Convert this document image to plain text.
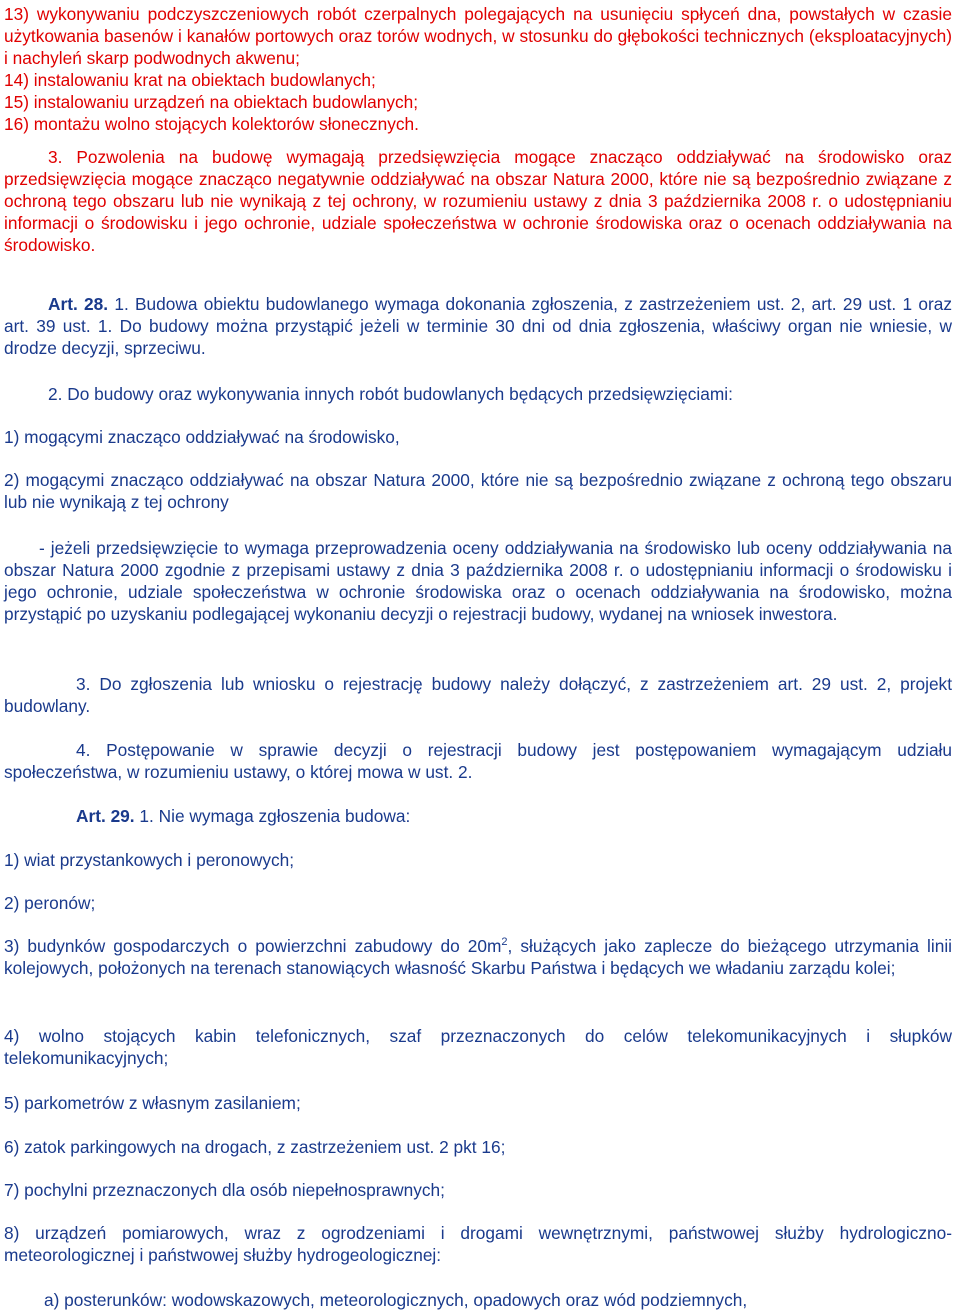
13) wykonywaniu podczyszczeniowych robót czerpalnych polegających na usunięciu spłyceń dna, powstałych w czasie użytkowania basenów i kanałów portowych oraz torów wodnych, w stosunku do głębokości technicznych (eksploatacyjnych) i nachyleń skarp podwodnych akwenu;

14) instalowaniu krat na obiektach budowlanych;

15) instalowaniu urządzeń na obiektach budowlanych;

16) montażu wolno stojących kolektorów słonecznych.

3. Pozwolenia na budowę wymagają przedsięwzięcia mogące znacząco oddziaływać na środowisko oraz przedsięwzięcia mogące znacząco negatywnie oddziaływać na obszar Natura 2000, które nie są bezpośrednio związane z ochroną tego obszaru lub nie wynikają z tej ochrony, w rozumieniu ustawy z dnia 3 października 2008 r. o udostępnianiu informacji o środowisku i jego ochronie, udziale społeczeństwa w ochronie środowiska oraz o ocenach oddziaływania na środowisko.

Art. 28. 1. Budowa obiektu budowlanego wymaga dokonania zgłoszenia, z zastrzeżeniem ust. 2, art. 29 ust. 1 oraz art. 39 ust. 1. Do budowy można przystąpić jeżeli w terminie 30 dni od dnia zgłoszenia, właściwy organ nie wniesie, w drodze decyzji, sprzeciwu.

2. Do budowy oraz wykonywania innych robót budowlanych będących przedsięwzięciami:

1) mogącymi znacząco oddziaływać na środowisko,

2) mogącymi znacząco oddziaływać na obszar Natura 2000, które nie są bezpośrednio związane z ochroną tego obszaru lub nie wynikają z tej ochrony

- jeżeli przedsięwzięcie to wymaga przeprowadzenia oceny oddziaływania na środowisko lub oceny oddziaływania na obszar Natura 2000 zgodnie z przepisami ustawy z dnia 3 października 2008 r. o udostępnianiu informacji o środowisku i jego ochronie, udziale społeczeństwa w ochronie środowiska oraz o ocenach oddziaływania na środowisko, można przystąpić po uzyskaniu podlegającej wykonaniu decyzji o rejestracji budowy, wydanej na wniosek inwestora.

3. Do zgłoszenia lub wniosku o rejestrację budowy należy dołączyć, z zastrzeżeniem art. 29 ust. 2, projekt budowlany.

4. Postępowanie w sprawie decyzji o rejestracji budowy jest postępowaniem wymagającym udziału społeczeństwa, w rozumieniu ustawy, o której mowa w ust. 2.

Art. 29. 1. Nie wymaga zgłoszenia budowa:

1) wiat przystankowych i peronowych;

2) peronów;

3) budynków gospodarczych o powierzchni zabudowy do $20m^2$, służących jako zaplecze do bieżącego utrzymania linii kolejowych, położonych na terenach stanowiących własność Skarbu Państwa i będących we władaniu zarządu kolei;

4) wolno stojących kabin telefonicznych, szaf przeznaczonych do celów telekomunikacyjnych i słupków telekomunikacyjnych;

5) parkometrów z własnym zasilaniem;

6) zatok parkingowych na drogach, z zastrzeżeniem ust. 2 pkt 16;

7) pochylni przeznaczonych dla osób niepełnosprawnych;

8) urządzeń pomiarowych, wraz z ogrodzeniami i drogami wewnętrznymi, państwowej służby hydrologiczno-meteorologicznej i państwowej służby hydrogeologicznej:

a) posterunków: wodowskazowych, meteorologicznych, opadowych oraz wód podziemnych,
